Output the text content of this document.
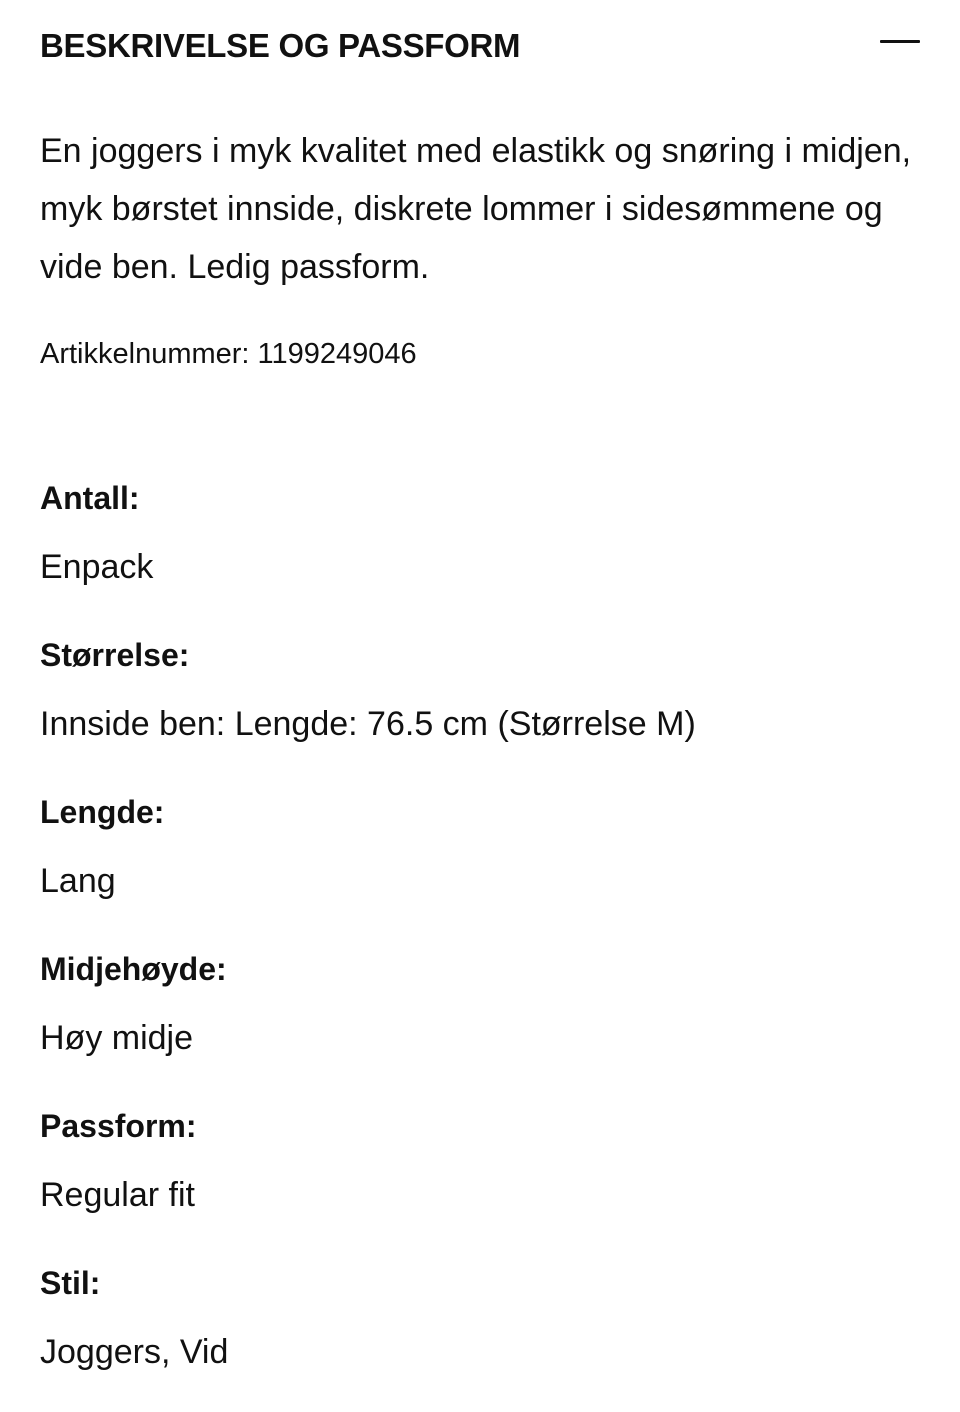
BESKRIVELSE OG PASSFORM

En joggers i myk kvalitet med elastikk og snøring i midjen, myk børstet innside, diskrete lommer i sidesømmene og vide ben. Ledig passform.

Artikkelnummer: 1199249046

Antall:
Enpack
Størrelse:
Innside ben: Lengde: 76.5 cm (Størrelse M)
Lengde:
Lang
Midjehøyde:
Høy midje
Passform:
Regular fit
Stil:
Joggers, Vid
